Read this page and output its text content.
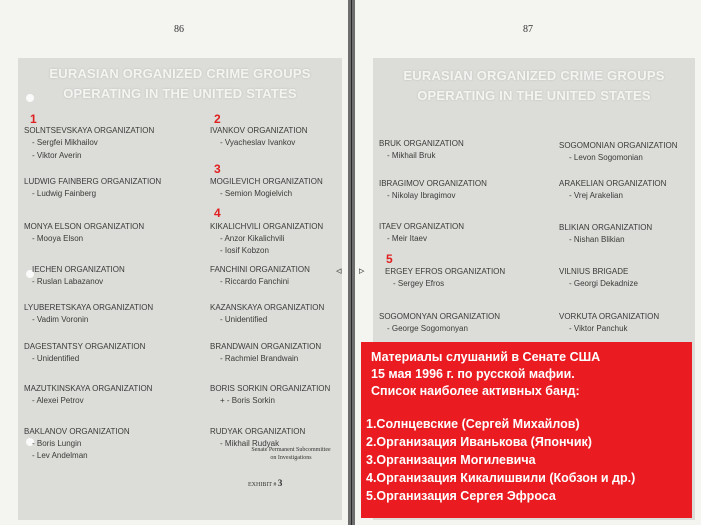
86
EURASIAN ORGANIZED CRIME GROUPS
OPERATING IN THE UNITED STATES
1
SOLNTSEVSKAYA ORGANIZATION
- Sergfei Mikhailov
- Viktor Averin
LUDWIG FAINBERG ORGANIZATION
- Ludwig Fainberg
MONYA ELSON ORGANIZATION
- Mooya Elson
IECHEN ORGANIZATION
- Ruslan Labazanov
LYUBERETSKAYA ORGANIZATION
- Vadim Voronin
DAGESTANTSY ORGANIZATION
- Unidentified
MAZUTKINSKAYA ORGANIZATION
- Alexei Petrov
BAKLANOV ORGANIZATION
- Boris Lungin
- Lev Andelman
2
IVANKOV ORGANIZATION
- Vyacheslav Ivankov
3
MOGILEVICH ORGANIZATION
- Semion Mogielvich
4
KIKALICHVILI ORGANIZATION
- Anzor Kikalichvili
- Iosif Kobzon
FANCHINI ORGANIZATION
- Riccardo Fanchini
KAZANSKAYA ORGANIZATION
- Unidentified
BRANDWAIN ORGANIZATION
- Rachmiel Brandwain
BORIS SORKIN ORGANIZATION
+ - Boris Sorkin
RUDYAK ORGANIZATION
- Mikhail Rudyak
Senate Permanent Subcommittee
on Investigations
EXHIBIT # 3
87
◃ ▹
EURASIAN ORGANIZED CRIME GROUPS
OPERATING IN THE UNITED STATES
BRUK ORGANIZATION
- Mikhail Bruk
IBRAGIMOV ORGANIZATION
- Nikolay Ibragimov
ITAEV ORGANIZATION
- Meir Itaev
5
ERGEY EFROS ORGANIZATION
- Sergey Efros
SOGOMONYAN ORGANIZATION
- George Sogomonyan
SOGOMONIAN ORGANIZATION
- Levon Sogomonian
ARAKELIAN ORGANIZATION
- Vrej Arakelian
BLIKIAN ORGANIZATION
- Nishan Blikian
VILNIUS BRIGADE
- Georgi Dekadnize
VORKUTA ORGANIZATION
- Viktor Panchuk
Материалы слушаний в Сенате США
15 мая 1996 г. по русской мафии.
Список наиболее активных банд:
1.Солнцевские (Сергей Михайлов)
2.Организация Иванькова (Япончик)
3.Организация Могилевича
4.Организация Кикалишвили (Кобзон и др.)
5.Организация Сергея Эфроса
